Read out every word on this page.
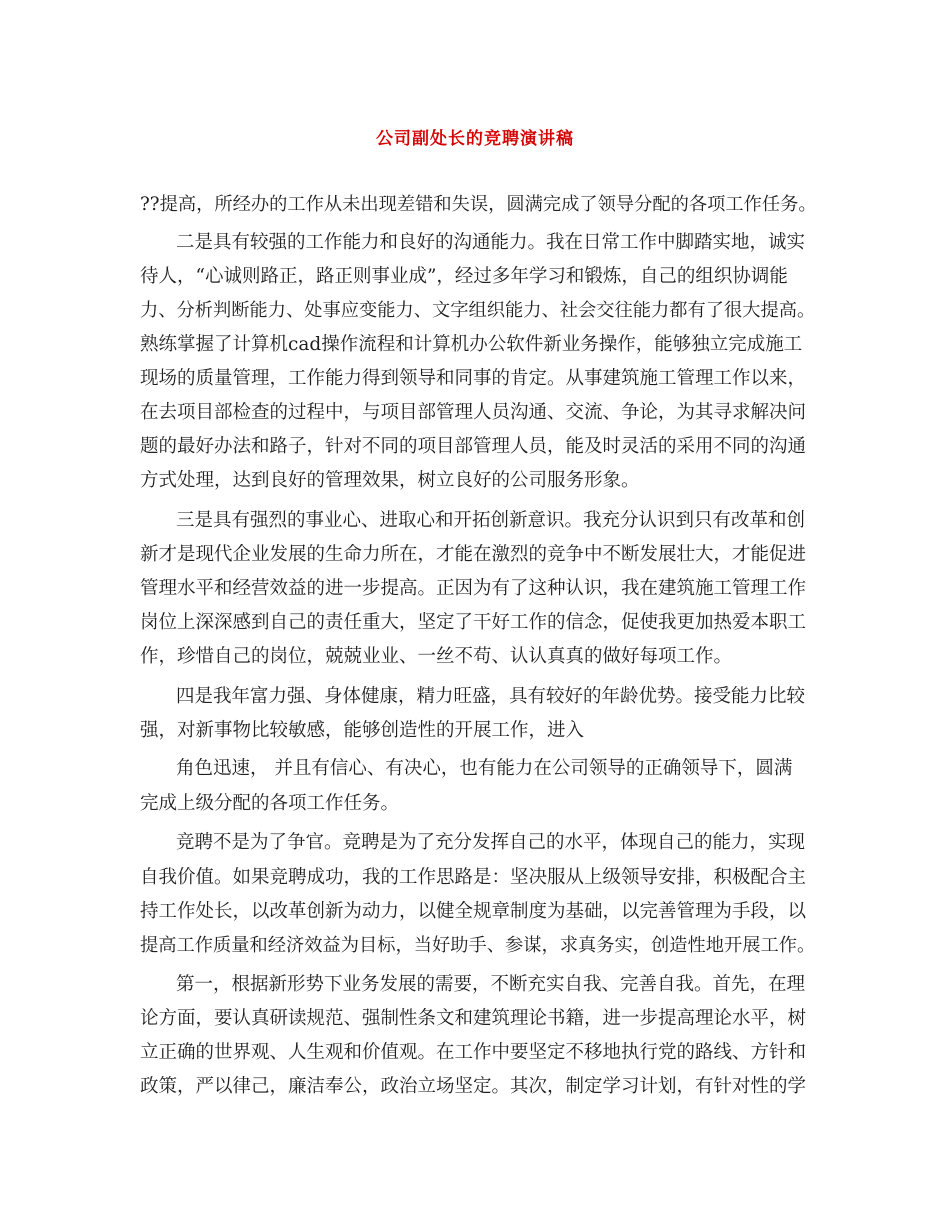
公司副处长的竞聘演讲稿
??提高，所经办的工作从未出现差错和失误，圆满完成了领导分配的各项工作任务。
二是具有较强的工作能力和良好的沟通能力。我在日常工作中脚踏实地，诚实
待人，“心诚则路正，路正则事业成”，经过多年学习和锻炼，自己的组织协调能
力、分析判断能力、处事应变能力、文字组织能力、社会交往能力都有了很大提高。
熟练掌握了计算机cad操作流程和计算机办公软件新业务操作，能够独立完成施工
现场的质量管理，工作能力得到领导和同事的肯定。从事建筑施工管理工作以来，
在去项目部检查的过程中，与项目部管理人员沟通、交流、争论，为其寻求解决问
题的最好办法和路子，针对不同的项目部管理人员，能及时灵活的采用不同的沟通
方式处理，达到良好的管理效果，树立良好的公司服务形象。
三是具有强烈的事业心、进取心和开拓创新意识。我充分认识到只有改革和创
新才是现代企业发展的生命力所在，才能在激烈的竞争中不断发展壮大，才能促进
管理水平和经营效益的进一步提高。正因为有了这种认识，我在建筑施工管理工作
岗位上深深感到自己的责任重大，坚定了干好工作的信念，促使我更加热爱本职工
作，珍惜自己的岗位，兢兢业业、一丝不苟、认认真真的做好每项工作。
四是我年富力强、身体健康，精力旺盛，具有较好的年龄优势。接受能力比较
强，对新事物比较敏感，能够创造性的开展工作，进入
角色迅速， 并且有信心、有决心，也有能力在公司领导的正确领导下，圆满
完成上级分配的各项工作任务。
竞聘不是为了争官。竞聘是为了充分发挥自己的水平，体现自己的能力，实现
自我价值。如果竞聘成功，我的工作思路是：坚决服从上级领导安排，积极配合主
持工作处长，以改革创新为动力，以健全规章制度为基础，以完善管理为手段，以
提高工作质量和经济效益为目标，当好助手、参谋，求真务实，创造性地开展工作。
第一，根据新形势下业务发展的需要，不断充实自我、完善自我。首先，在理
论方面，要认真研读规范、强制性条文和建筑理论书籍，进一步提高理论水平，树
立正确的世界观、人生观和价值观。在工作中要坚定不移地执行党的路线、方针和
政策，严以律己，廉洁奉公，政治立场坚定。其次，制定学习计划，有针对性的学
